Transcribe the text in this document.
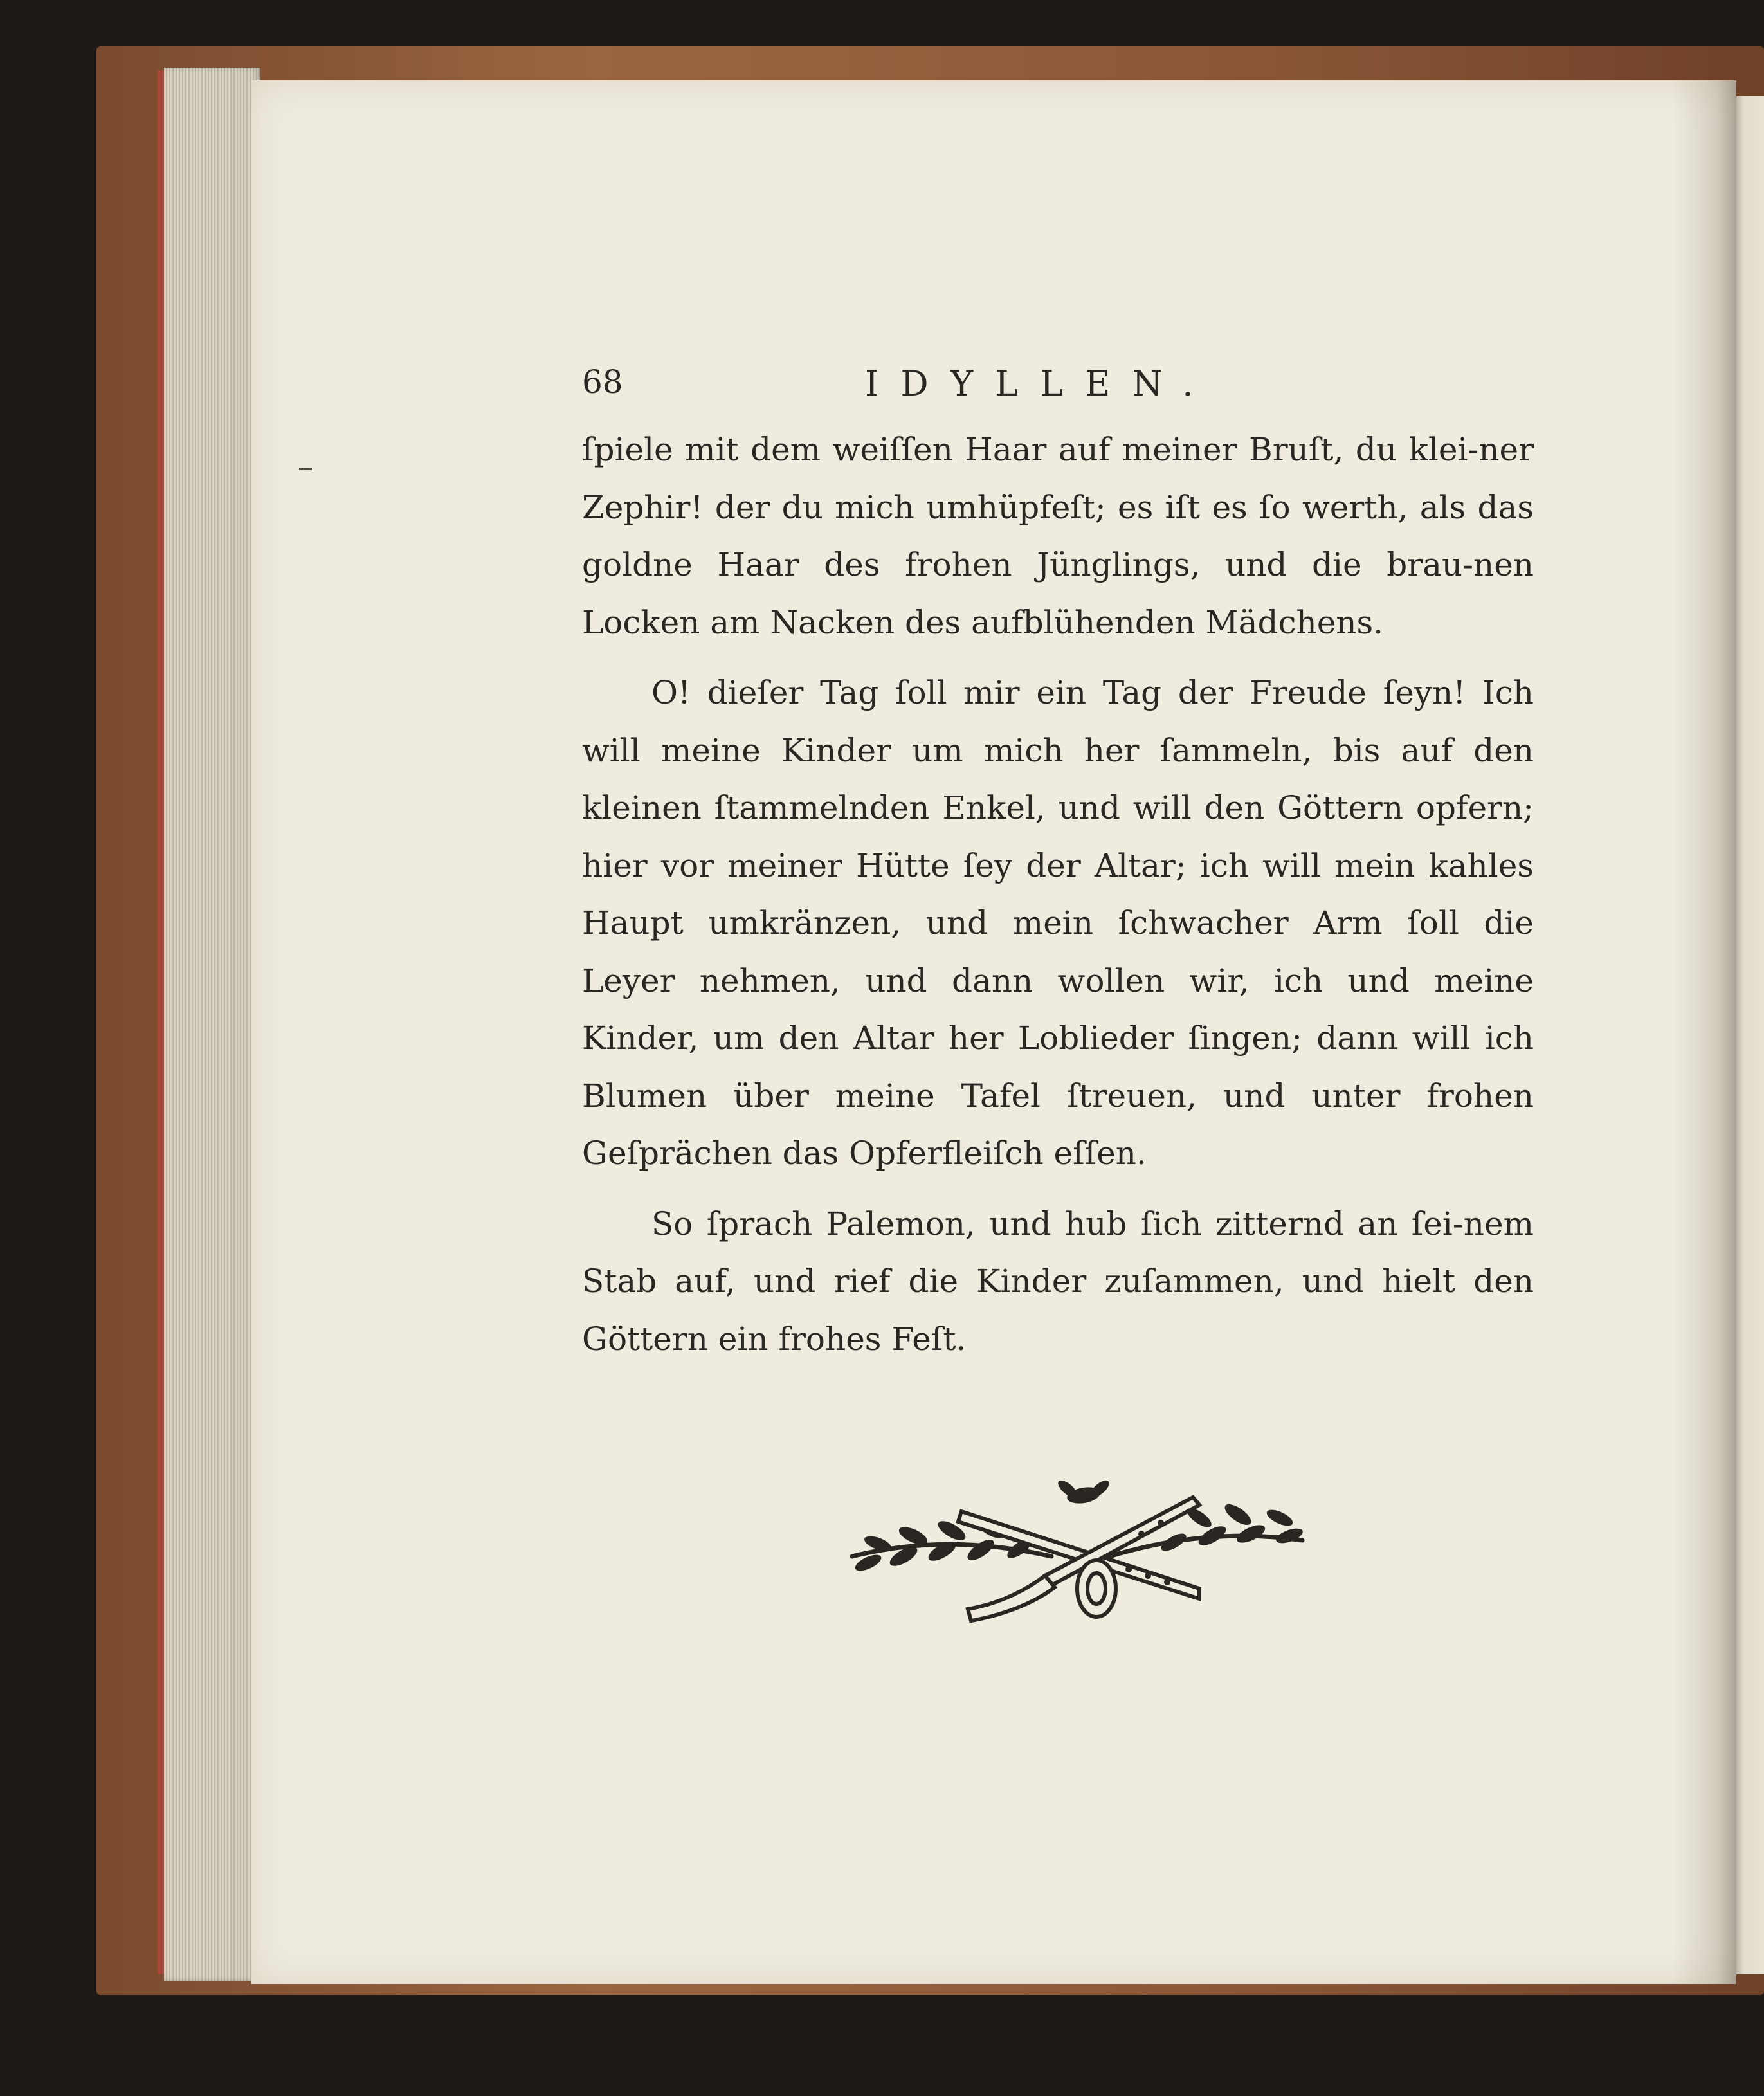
68	IDYLLEN.

ſpiele mit dem weiſſen Haar auf meiner Bruſt, du klei-ner Zephir! der du mich umhüpfeſt; es iſt es ſo werth, als das goldne Haar des frohen Jünglings, und die brau-nen Locken am Nacken des aufblühenden Mädchens.

O! dieſer Tag ſoll mir ein Tag der Freude ſeyn! Ich will meine Kinder um mich her ſammeln, bis auf den kleinen ſtammelnden Enkel, und will den Göttern opfern; hier vor meiner Hütte ſey der Altar; ich will mein kahles Haupt umkränzen, und mein ſchwacher Arm ſoll die Leyer nehmen, und dann wollen wir, ich und meine Kinder, um den Altar her Loblieder ſingen; dann will ich Blumen über meine Tafel ſtreuen, und unter frohen Geſprächen das Opferfleiſch eſſen.

So ſprach Palemon, und hub ſich zitternd an ſei-nem Stab auf, und rief die Kinder zuſammen, und hielt den Göttern ein frohes Feſt.
